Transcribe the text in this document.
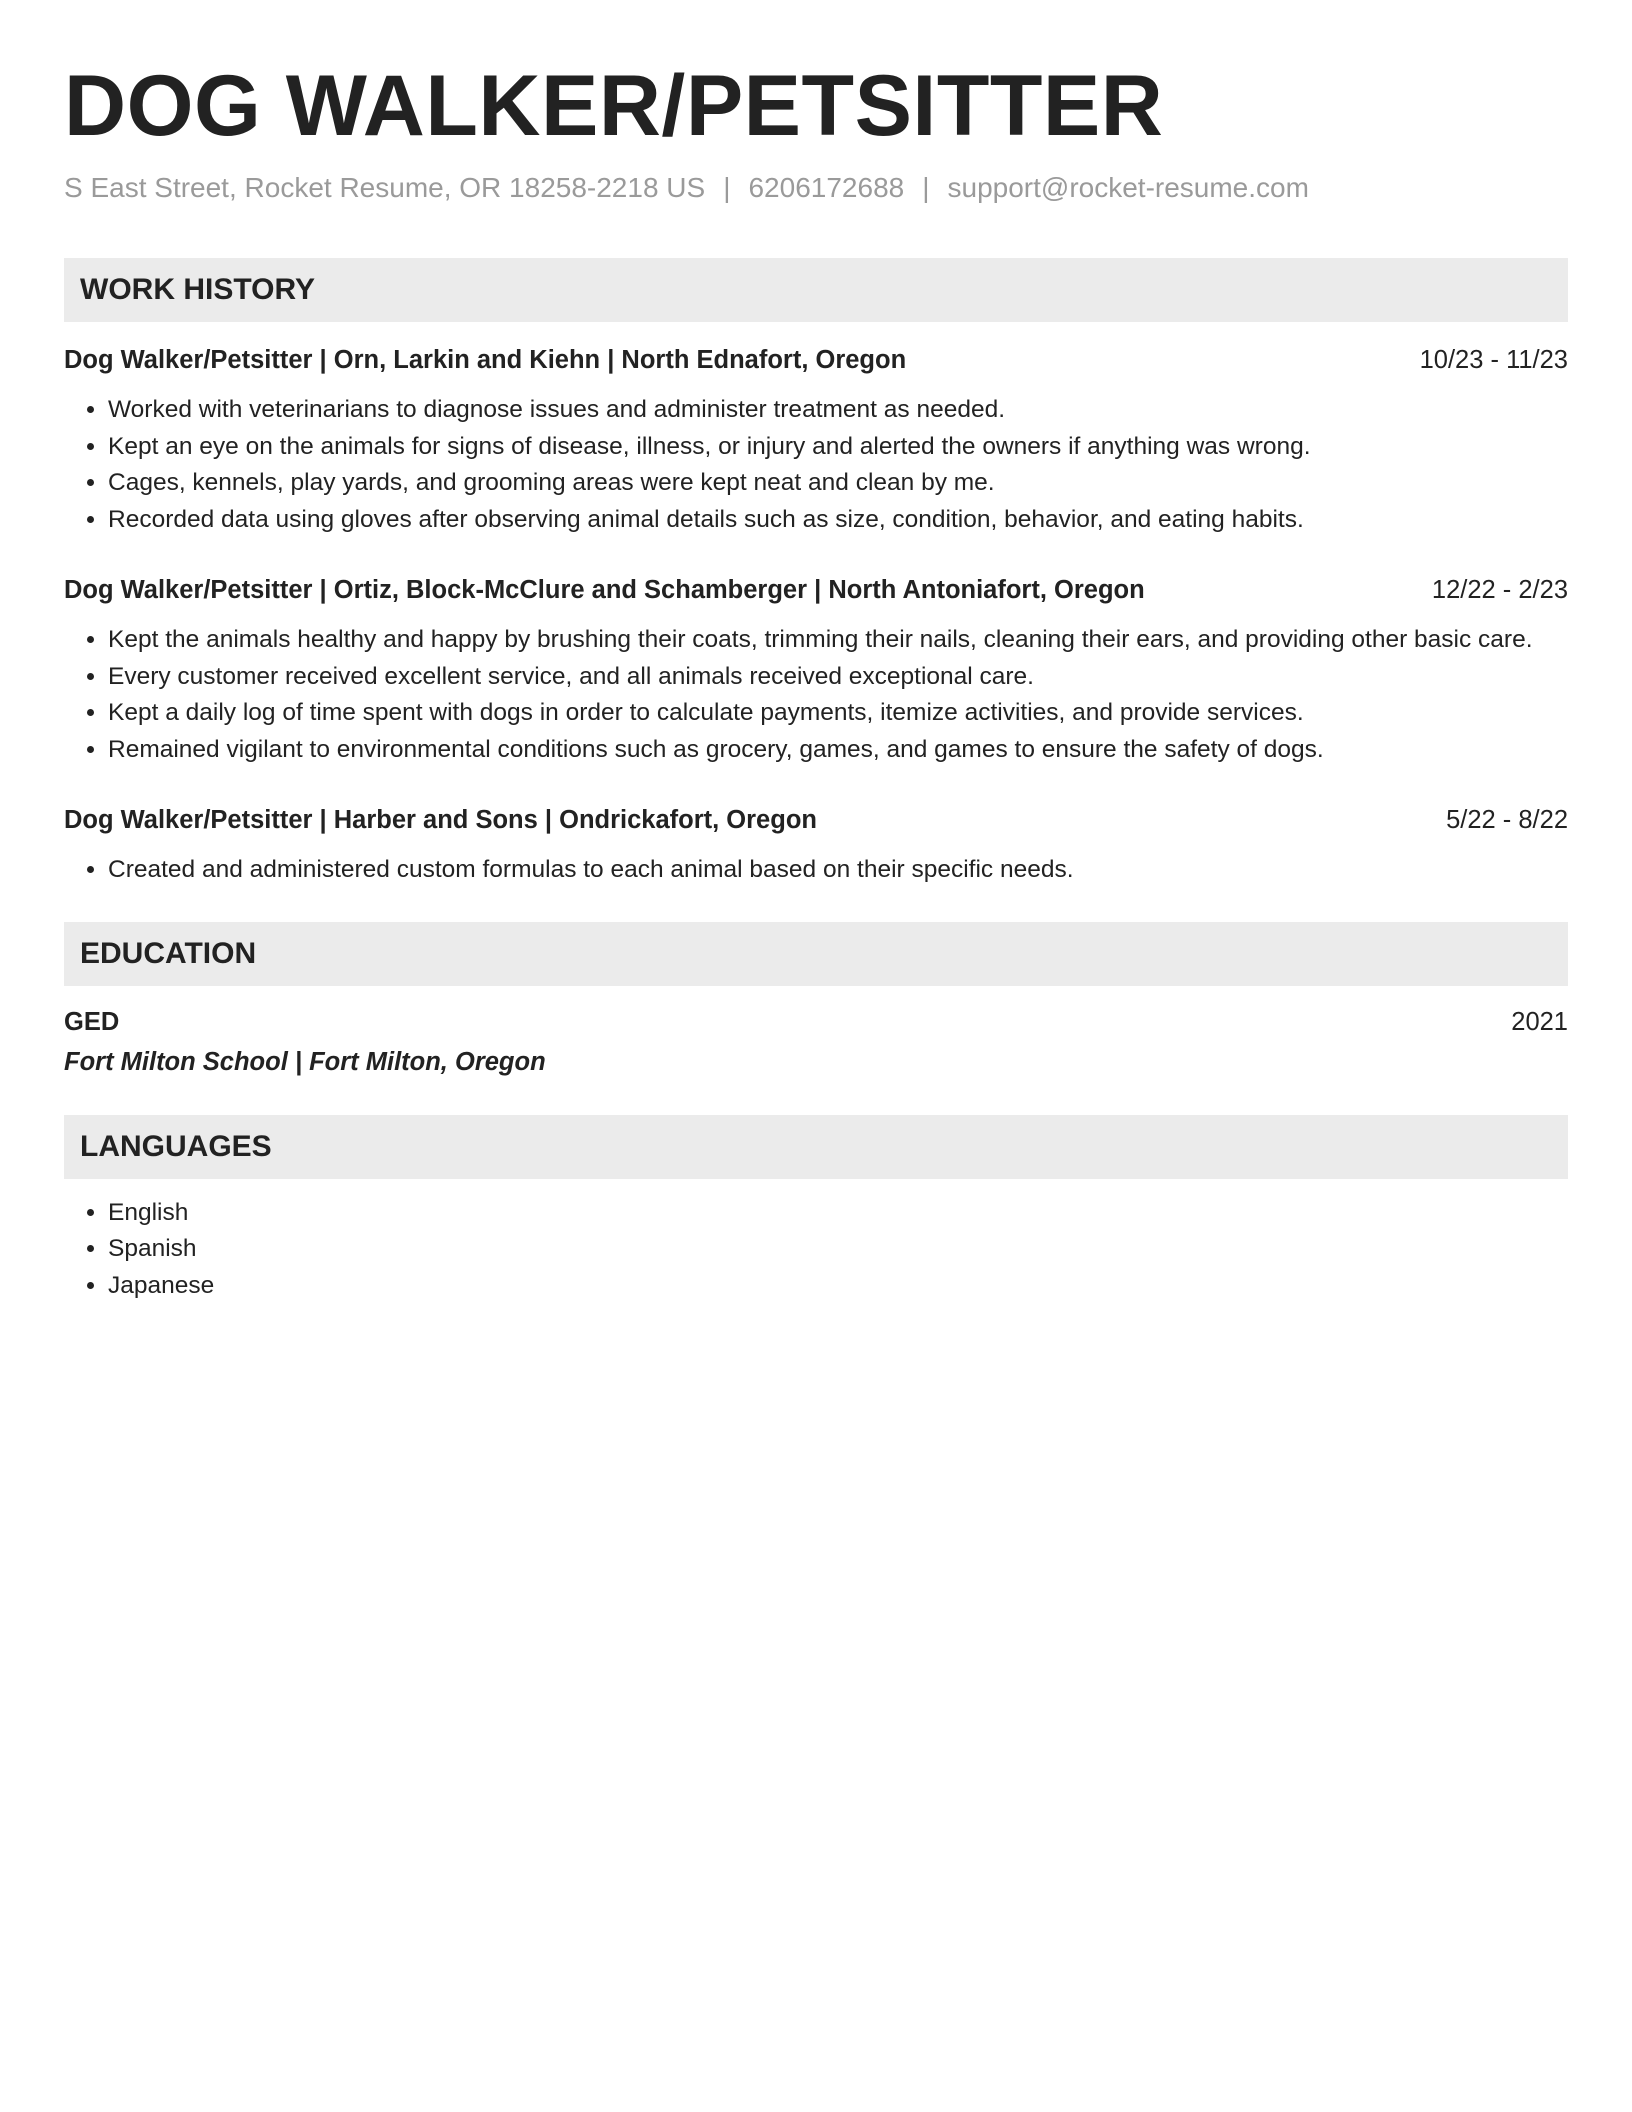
DOG WALKER/PETSITTER
S East Street, Rocket Resume, OR 18258-2218 US | 6206172688 | support@rocket-resume.com
WORK HISTORY
Dog Walker/Petsitter | Orn, Larkin and Kiehn | North Ednafort, Oregon	10/23 - 11/23
• Worked with veterinarians to diagnose issues and administer treatment as needed.
• Kept an eye on the animals for signs of disease, illness, or injury and alerted the owners if anything was wrong.
• Cages, kennels, play yards, and grooming areas were kept neat and clean by me.
• Recorded data using gloves after observing animal details such as size, condition, behavior, and eating habits.
Dog Walker/Petsitter | Ortiz, Block-McClure and Schamberger | North Antoniafort, Oregon	12/22 - 2/23
• Kept the animals healthy and happy by brushing their coats, trimming their nails, cleaning their ears, and providing other basic care.
• Every customer received excellent service, and all animals received exceptional care.
• Kept a daily log of time spent with dogs in order to calculate payments, itemize activities, and provide services.
• Remained vigilant to environmental conditions such as grocery, games, and games to ensure the safety of dogs.
Dog Walker/Petsitter | Harber and Sons | Ondrickafort, Oregon	5/22 - 8/22
• Created and administered custom formulas to each animal based on their specific needs.
EDUCATION
GED	2021
Fort Milton School | Fort Milton, Oregon
LANGUAGES
• English
• Spanish
• Japanese
